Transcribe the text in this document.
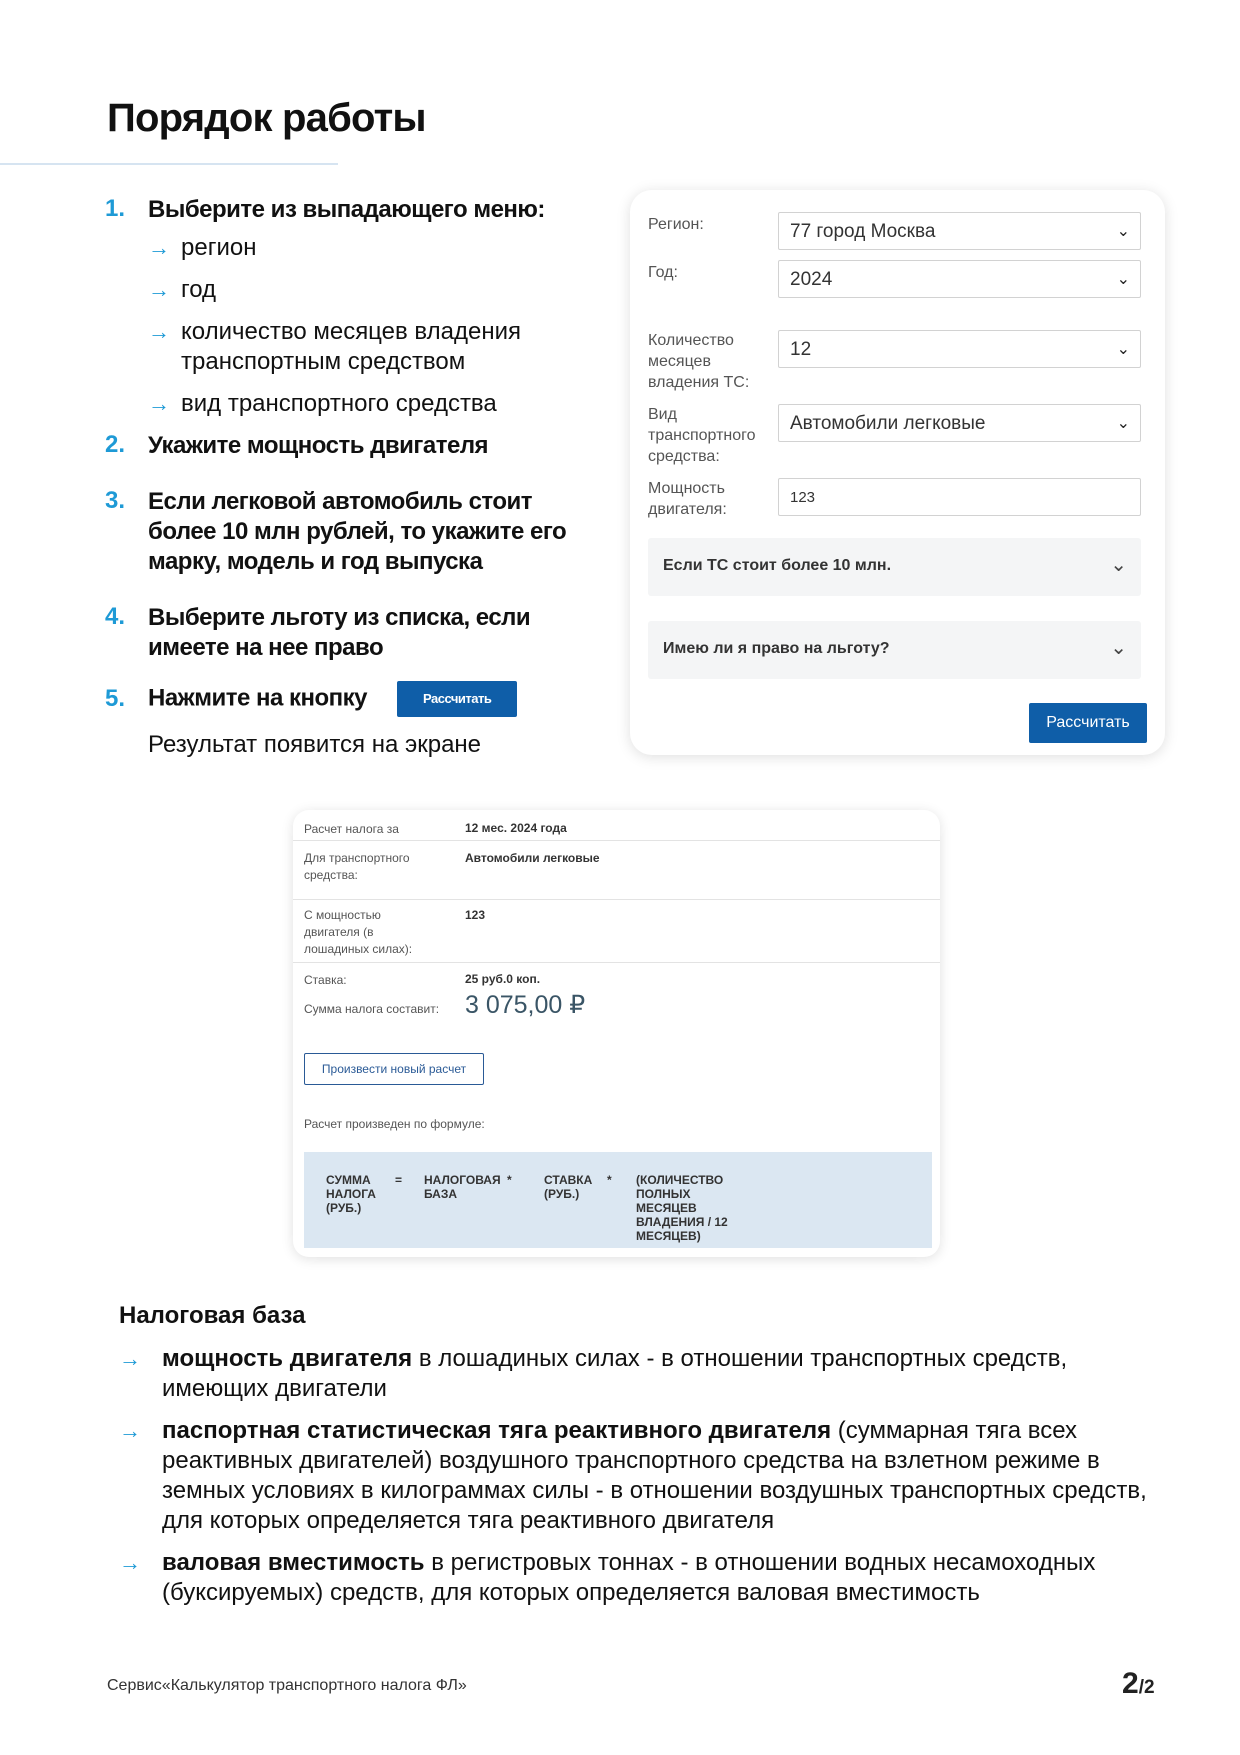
Порядок работы
1. Выберите из выпадающего меню:
→ регион
→ год
→ количество месяцев владения транспортным средством
→ вид транспортного средства
2. Укажите мощность двигателя
3. Если легковой автомобиль стоит более 10 млн рублей, то укажите его марку, модель и год выпуска
4. Выберите льготу из списка, если имеете на нее право
5. Нажмите на кнопку	Рассчитать
Результат появится на экране
Регион:	77 город Москва	⌄
Год:	2024	⌄
Количество месяцев владения ТС:
12	⌄
Вид транспортного средства:
Автомобили легковые	⌄
Мощность двигателя:
123
Если ТС стоит более 10 млн.	⌄
Имею ли я право на льготу?	⌄
Рассчитать
Расчет налога за	12 мес. 2024 года
Для транспортного средства:
Автомобили легковые
С мощностью двигателя (в лошадиных силах):
123
Ставка:	25 руб.0 коп.
Сумма налога составит: 3 075,00 ₽
Произвести новый расчет
Расчет произведен по формуле:
СУММА НАЛОГА (РУБ.)
= НАЛОГОВАЯ БАЗА
*	СТАВКА (РУБ.)
* (КОЛИЧЕСТВО ПОЛНЫХ МЕСЯЦЕВ ВЛАДЕНИЯ / 12 МЕСЯЦЕВ)
Налоговая база
→ мощность двигателя в лошадиных силах - в отношении транспортных средств, имеющих двигатели
→ паспортная статистическая тяга реактивного двигателя (суммарная тяга всех реактивных двигателей) воздушного транспортного средства на взлетном режиме в земных условиях в килограммах силы - в отношении воздушных транспортных средств, для которых определяется тяга реактивного двигателя
→ валовая вместимость в регистровых тоннах - в отношении водных несамоходных (буксируемых) средств, для которых определяется валовая вместимость
Сервис«Калькулятор транспортного налога ФЛ»	2/2
